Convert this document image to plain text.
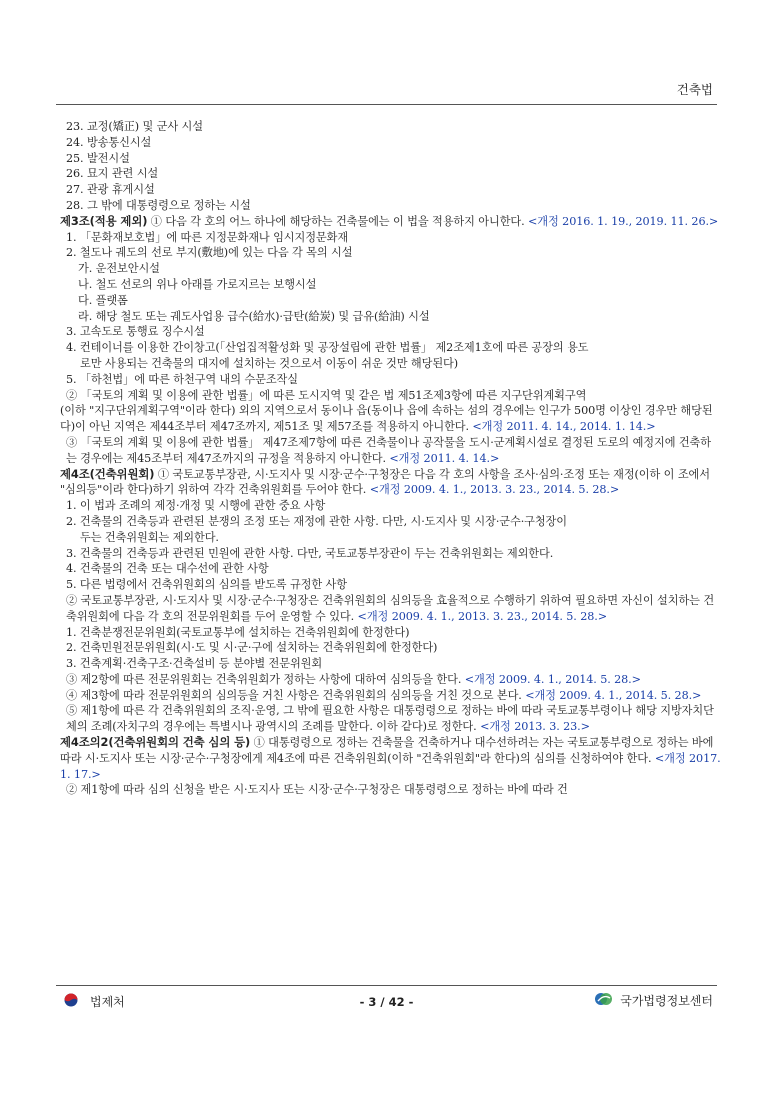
건축법

23. 교정(矯正) 및 군사 시설

24. 방송통신시설

25. 발전시설

26. 묘지 관련 시설

27. 관광 휴게시설

28. 그 밖에 대통령령으로 정하는 시설

제3조(적용 제외) ① 다음 각 호의 어느 하나에 해당하는 건축물에는 이 법을 적용하지 아니한다. <개정 2016. 1. 19., 2019. 11. 26.>

1. 「문화재보호법」에 따른 지정문화재나 임시지정문화재

2. 철도나 궤도의 선로 부지(敷地)에 있는 다음 각 목의 시설

가. 운전보안시설

나. 철도 선로의 위나 아래를 가로지르는 보행시설

다. 플랫폼

라. 해당 철도 또는 궤도사업용 급수(給水)·급탄(給炭) 및 급유(給油) 시설

3. 고속도로 통행료 징수시설

4. 컨테이너를 이용한 간이창고(「산업집적활성화 및 공장설립에 관한 법률」 제2조제1호에 따른 공장의 용도

로만 사용되는 건축물의 대지에 설치하는 것으로서 이동이 쉬운 것만 해당된다)

5. 「하천법」에 따른 하천구역 내의 수문조작실

② 「국토의 계획 및 이용에 관한 법률」에 따른 도시지역 및 같은 법 제51조제3항에 따른 지구단위계획구역

(이하 "지구단위계획구역"이라 한다) 외의 지역으로서 동이나 읍(동이나 읍에 속하는 섬의 경우에는 인구가 500명 이상인 경우만 해당된다)이 아닌 지역은 제44조부터 제47조까지, 제51조 및 제57조를 적용하지 아니한다. <개정 2011. 4. 14., 2014. 1. 14.>

③ 「국토의 계획 및 이용에 관한 법률」 제47조제7항에 따른 건축물이나 공작물을 도시·군계획시설로 결정된 도로의 예정지에 건축하는 경우에는 제45조부터 제47조까지의 규정을 적용하지 아니한다. <개정 2011. 4. 14.>

제4조(건축위원회) ① 국토교통부장관, 시·도지사 및 시장·군수·구청장은 다음 각 호의 사항을 조사·심의·조정 또는 재정(이하 이 조에서 "심의등"이라 한다)하기 위하여 각각 건축위원회를 두어야 한다. <개정 2009. 4. 1., 2013. 3. 23., 2014. 5. 28.>

1. 이 법과 조례의 제정·개정 및 시행에 관한 중요 사항

2. 건축물의 건축등과 관련된 분쟁의 조정 또는 재정에 관한 사항. 다만, 시·도지사 및 시장·군수·구청장이

두는 건축위원회는 제외한다.

3. 건축물의 건축등과 관련된 민원에 관한 사항. 다만, 국토교통부장관이 두는 건축위원회는 제외한다.

4. 건축물의 건축 또는 대수선에 관한 사항

5. 다른 법령에서 건축위원회의 심의를 받도록 규정한 사항

② 국토교통부장관, 시·도지사 및 시장·군수·구청장은 건축위원회의 심의등을 효율적으로 수행하기 위하여 필요하면 자신이 설치하는 건축위원회에 다음 각 호의 전문위원회를 두어 운영할 수 있다. <개정 2009. 4. 1., 2013. 3. 23., 2014. 5. 28.>

1. 건축분쟁전문위원회(국토교통부에 설치하는 건축위원회에 한정한다)

2. 건축민원전문위원회(시·도 및 시·군·구에 설치하는 건축위원회에 한정한다)

3. 건축계획·건축구조·건축설비 등 분야별 전문위원회

③ 제2항에 따른 전문위원회는 건축위원회가 정하는 사항에 대하여 심의등을 한다. <개정 2009. 4. 1., 2014. 5. 28.>

④ 제3항에 따라 전문위원회의 심의등을 거친 사항은 건축위원회의 심의등을 거친 것으로 본다. <개정 2009. 4. 1., 2014. 5. 28.>

⑤ 제1항에 따른 각 건축위원회의 조직·운영, 그 밖에 필요한 사항은 대통령령으로 정하는 바에 따라 국토교통부령이나 해당 지방자치단체의 조례(자치구의 경우에는 특별시나 광역시의 조례를 말한다. 이하 같다)로 정한다. <개정 2013. 3. 23.>

제4조의2(건축위원회의 건축 심의 등) ① 대통령령으로 정하는 건축물을 건축하거나 대수선하려는 자는 국토교통부령으로 정하는 바에 따라 시·도지사 또는 시장·군수·구청장에게 제4조에 따른 건축위원회(이하 "건축위원회"라 한다)의 심의를 신청하여야 한다. <개정 2017. 1. 17.>

② 제1항에 따라 심의 신청을 받은 시·도지사 또는 시장·군수·구청장은 대통령령으로 정하는 바에 따라 건

법제처	- 3 / 42 -	국가법령정보센터
